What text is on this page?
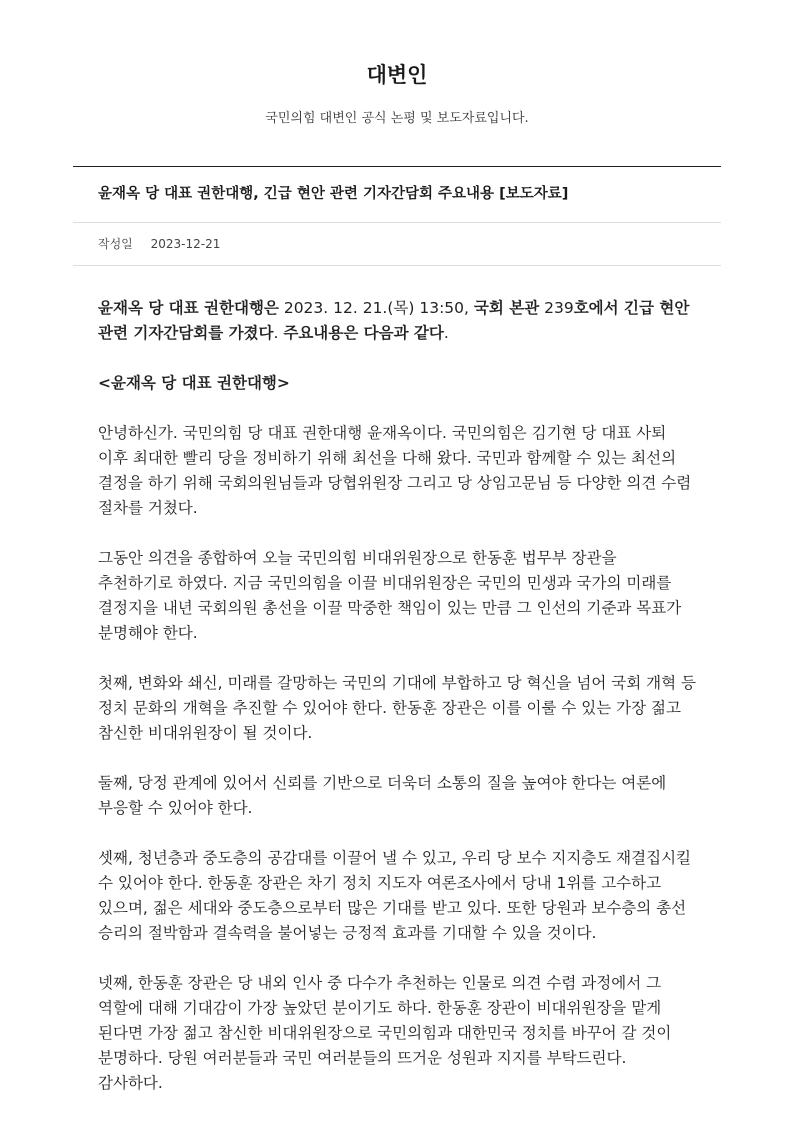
대변인
국민의힘 대변인 공식 논평 및 보도자료입니다.
윤재옥 당 대표 권한대행, 긴급 현안 관련 기자간담회 주요내용 [보도자료]
작성일 2023-12-21

윤재옥 당 대표 권한대행은 2023. 12. 21.(목) 13:50, 국회 본관 239호에서 긴급 현안 관련 기자간담회를 가졌다. 주요내용은 다음과 같다.

<윤재옥 당 대표 권한대행>

안녕하신가. 국민의힘 당 대표 권한대행 윤재옥이다. 국민의힘은 김기현 당 대표 사퇴 이후 최대한 빨리 당을 정비하기 위해 최선을 다해 왔다. 국민과 함께할 수 있는 최선의 결정을 하기 위해 국회의원님들과 당협위원장 그리고 당 상임고문님 등 다양한 의견 수렴 절차를 거쳤다.

그동안 의견을 종합하여 오늘 국민의힘 비대위원장으로 한동훈 법무부 장관을 추천하기로 하였다. 지금 국민의힘을 이끌 비대위원장은 국민의 민생과 국가의 미래를 결정지을 내년 국회의원 총선을 이끌 막중한 책임이 있는 만큼 그 인선의 기준과 목표가 분명해야 한다.

첫째, 변화와 쇄신, 미래를 갈망하는 국민의 기대에 부합하고 당 혁신을 넘어 국회 개혁 등 정치 문화의 개혁을 추진할 수 있어야 한다. 한동훈 장관은 이를 이룰 수 있는 가장 젊고 참신한 비대위원장이 될 것이다.

둘째, 당정 관계에 있어서 신뢰를 기반으로 더욱더 소통의 질을 높여야 한다는 여론에 부응할 수 있어야 한다.

셋째, 청년층과 중도층의 공감대를 이끌어 낼 수 있고, 우리 당 보수 지지층도 재결집시킬 수 있어야 한다. 한동훈 장관은 차기 정치 지도자 여론조사에서 당내 1위를 고수하고 있으며, 젊은 세대와 중도층으로부터 많은 기대를 받고 있다. 또한 당원과 보수층의 총선 승리의 절박함과 결속력을 불어넣는 긍정적 효과를 기대할 수 있을 것이다.

넷째, 한동훈 장관은 당 내외 인사 중 다수가 추천하는 인물로 의견 수렴 과정에서 그 역할에 대해 기대감이 가장 높았던 분이기도 하다. 한동훈 장관이 비대위원장을 맡게 된다면 가장 젊고 참신한 비대위원장으로 국민의힘과 대한민국 정치를 바꾸어 갈 것이 분명하다. 당원 여러분들과 국민 여러분들의 뜨거운 성원과 지지를 부탁드린다. 감사하다.
